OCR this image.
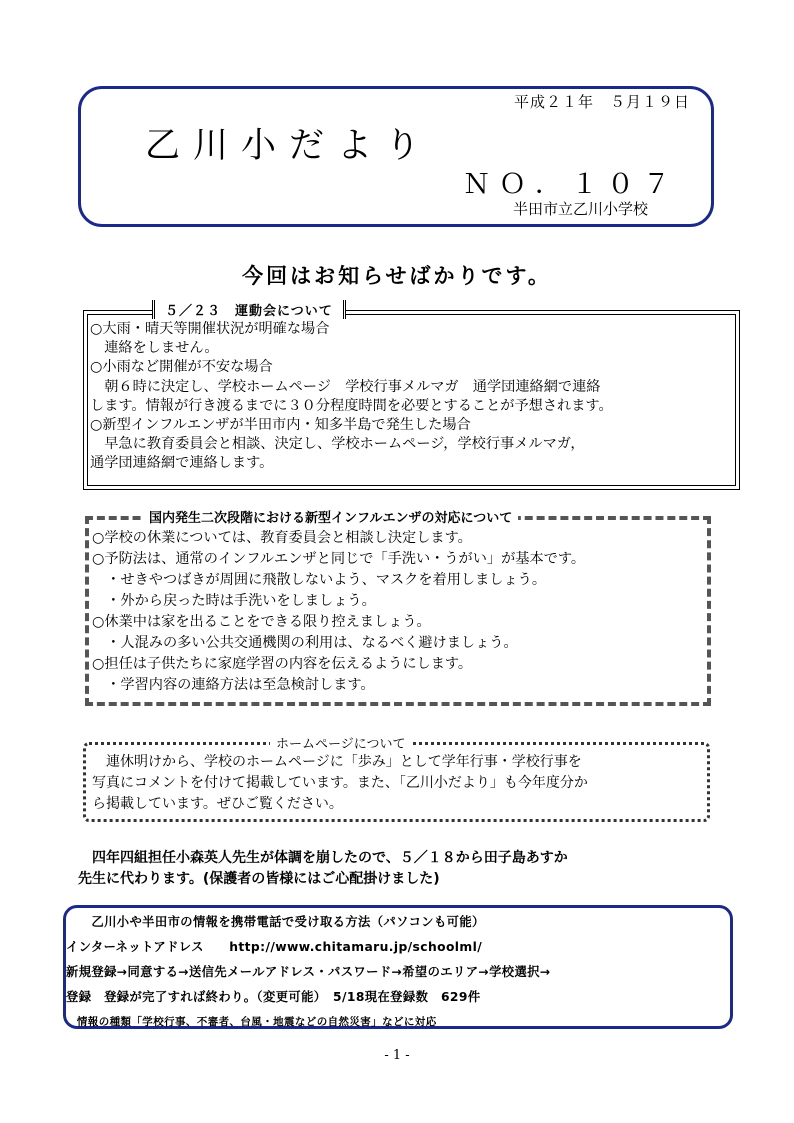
平成２１年　５月１９日
乙川小だより
ＮＯ．１０７
半田市立乙川小学校
今回はお知らせばかりです。
５／２３　運動会について
○大雨・晴天等開催状況が明確な場合
　連絡をしません。
○小雨など開催が不安な場合
　朝６時に決定し、学校ホームページ　学校行事メルマガ　通学団連絡網で連絡
します。情報が行き渡るまでに３０分程度時間を必要とすることが予想されます。
○新型インフルエンザが半田市内・知多半島で発生した場合
　早急に教育委員会と相談、決定し、学校ホームページ，学校行事メルマガ，
通学団連絡網で連絡します。
国内発生二次段階における新型インフルエンザの対応について
○学校の休業については、教育委員会と相談し決定します。
○予防法は、通常のインフルエンザと同じで「手洗い・うがい」が基本です。
　・せきやつばきが周囲に飛散しないよう、マスクを着用しましょう。
　・外から戻った時は手洗いをしましょう。
○休業中は家を出ることをできる限り控えましょう。
　・人混みの多い公共交通機関の利用は、なるべく避けましょう。
○担任は子供たちに家庭学習の内容を伝えるようにします。
　・学習内容の連絡方法は至急検討します。
ホームページについて
　連休明けから、学校のホームページに「歩み」として学年行事・学校行事を
写真にコメントを付けて掲載しています。また、「乙川小だより」も今年度分か
ら掲載しています。ぜひご覧ください。
　四年四組担任小森英人先生が体調を崩したので、５／１８から田子島あすか
先生に代わります。(保護者の皆様にはご心配掛けました)
　　乙川小や半田市の情報を携帯電話で受け取る方法（パソコンも可能）
インターネットアドレス　　http://www.chitamaru.jp/schoolml/
新規登録→同意する→送信先メールアドレス・パスワード→希望のエリア→学校選択→
登録　登録が完了すれば終わり。（変更可能）　5/18現在登録数　629件
　情報の種類「学校行事、不審者、台風・地震などの自然災害」などに対応
- 1 -
